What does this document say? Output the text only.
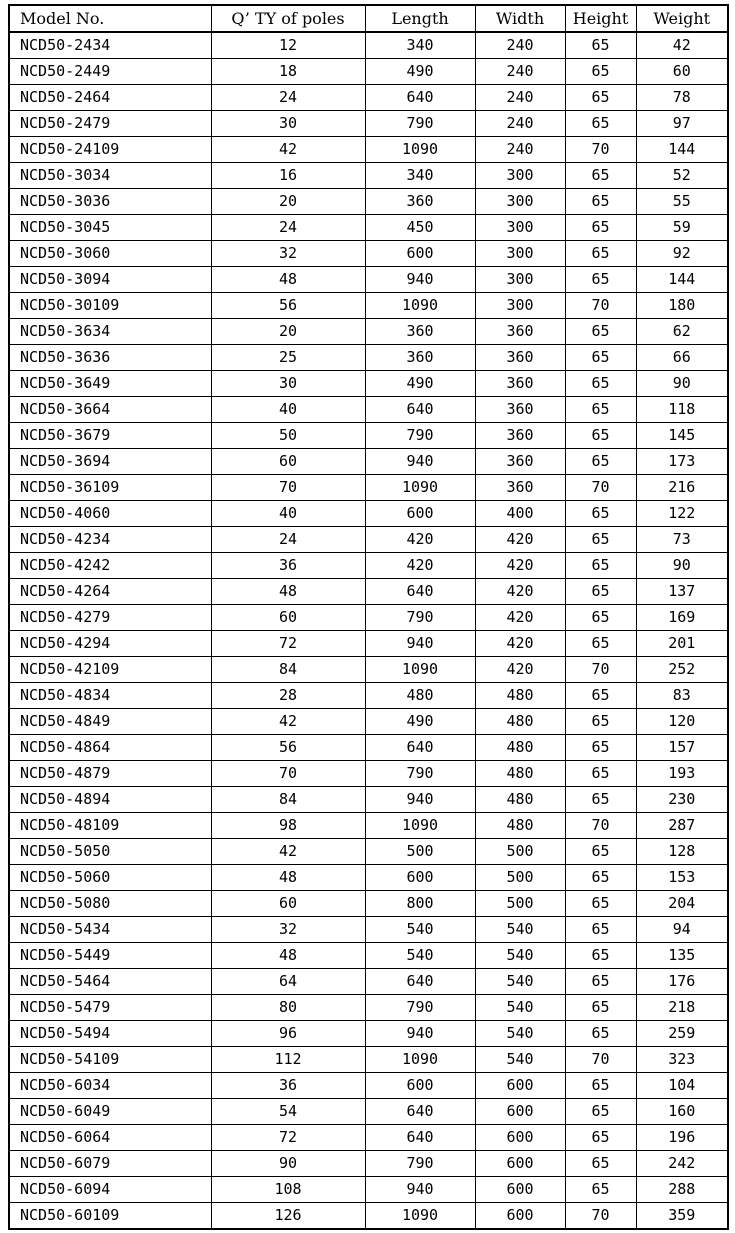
Model No.	Q’ TY of poles	Length	Width	Height	Weight
NCD50-2434	12	340	240	65	42
NCD50-2449	18	490	240	65	60
NCD50-2464	24	640	240	65	78
NCD50-2479	30	790	240	65	97
NCD50-24109	42	1090	240	70	144
NCD50-3034	16	340	300	65	52
NCD50-3036	20	360	300	65	55
NCD50-3045	24	450	300	65	59
NCD50-3060	32	600	300	65	92
NCD50-3094	48	940	300	65	144
NCD50-30109	56	1090	300	70	180
NCD50-3634	20	360	360	65	62
NCD50-3636	25	360	360	65	66
NCD50-3649	30	490	360	65	90
NCD50-3664	40	640	360	65	118
NCD50-3679	50	790	360	65	145
NCD50-3694	60	940	360	65	173
NCD50-36109	70	1090	360	70	216
NCD50-4060	40	600	400	65	122
NCD50-4234	24	420	420	65	73
NCD50-4242	36	420	420	65	90
NCD50-4264	48	640	420	65	137
NCD50-4279	60	790	420	65	169
NCD50-4294	72	940	420	65	201
NCD50-42109	84	1090	420	70	252
NCD50-4834	28	480	480	65	83
NCD50-4849	42	490	480	65	120
NCD50-4864	56	640	480	65	157
NCD50-4879	70	790	480	65	193
NCD50-4894	84	940	480	65	230
NCD50-48109	98	1090	480	70	287
NCD50-5050	42	500	500	65	128
NCD50-5060	48	600	500	65	153
NCD50-5080	60	800	500	65	204
NCD50-5434	32	540	540	65	94
NCD50-5449	48	540	540	65	135
NCD50-5464	64	640	540	65	176
NCD50-5479	80	790	540	65	218
NCD50-5494	96	940	540	65	259
NCD50-54109	112	1090	540	70	323
NCD50-6034	36	600	600	65	104
NCD50-6049	54	640	600	65	160
NCD50-6064	72	640	600	65	196
NCD50-6079	90	790	600	65	242
NCD50-6094	108	940	600	65	288
NCD50-60109	126	1090	600	70	359
